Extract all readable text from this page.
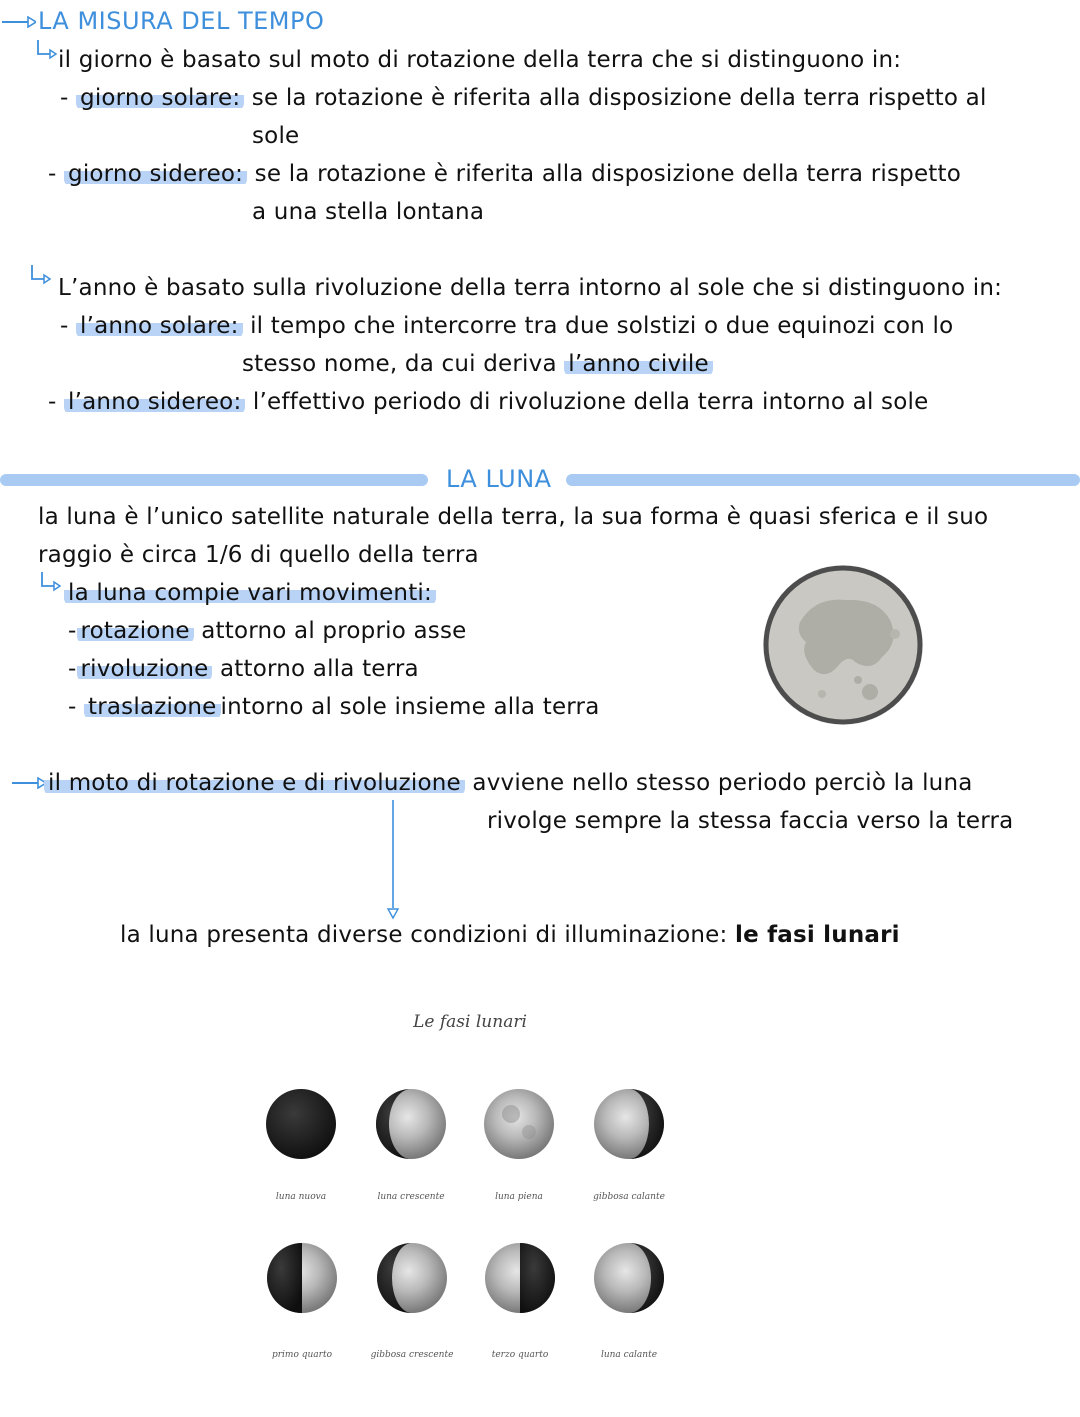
LA MISURA DEL TEMPO
il giorno è basato sul moto di rotazione della terra che si distinguono in:
- giorno solare: se la rotazione è riferita alla disposizione della terra rispetto al
sole
- giorno sidereo: se la rotazione è riferita alla disposizione della terra rispetto
a una stella lontana
L’anno è basato sulla rivoluzione della terra intorno al sole che si distinguono in:
- l’anno solare: il tempo che intercorre tra due solstizi o due equinozi con lo
stesso nome, da cui deriva l’anno civile
- l’anno sidereo: l’effettivo periodo di rivoluzione della terra intorno al sole
LA LUNA
la luna è l’unico satellite naturale della terra, la sua forma è quasi sferica e il suo
raggio è circa 1/6 di quello della terra
la luna compie vari movimenti:
- rotazione attorno al proprio asse
- rivoluzione attorno alla terra
- traslazione intorno al sole insieme alla terra
il moto di rotazione e di rivoluzione avviene nello stesso periodo perciò la luna
rivolge sempre la stessa faccia verso la terra
la luna presenta diverse condizioni di illuminazione: le fasi lunari
Le fasi lunari
luna nuova	luna crescente	luna piena	gibbosa calante
primo quarto	gibbosa crescente	terzo quarto	luna calante
